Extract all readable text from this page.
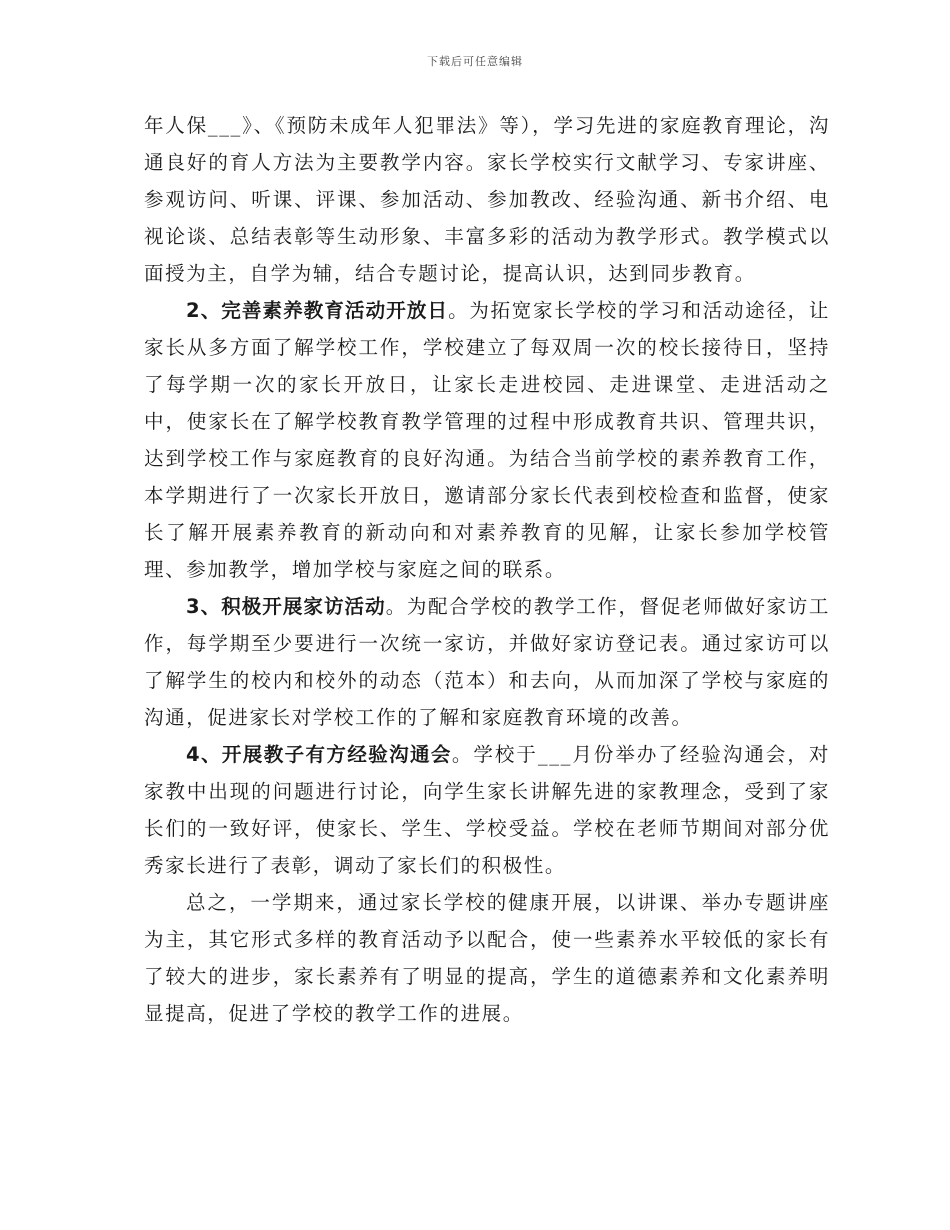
下载后可任意编辑

年人保___》、《预防未成年人犯罪法》等），学习先进的家庭教育理论，沟通良好的育人方法为主要教学内容。家长学校实行文献学习、专家讲座、参观访问、听课、评课、参加活动、参加教改、经验沟通、新书介绍、电视论谈、总结表彰等生动形象、丰富多彩的活动为教学形式。教学模式以面授为主，自学为辅，结合专题讨论，提高认识，达到同步教育。

2、完善素养教育活动开放日。为拓宽家长学校的学习和活动途径，让家长从多方面了解学校工作，学校建立了每双周一次的校长接待日，坚持了每学期一次的家长开放日，让家长走进校园、走进课堂、走进活动之中，使家长在了解学校教育教学管理的过程中形成教育共识、管理共识，达到学校工作与家庭教育的良好沟通。为结合当前学校的素养教育工作，本学期进行了一次家长开放日，邀请部分家长代表到校检查和监督，使家长了解开展素养教育的新动向和对素养教育的见解，让家长参加学校管理、参加教学，增加学校与家庭之间的联系。

3、积极开展家访活动。为配合学校的教学工作，督促老师做好家访工作，每学期至少要进行一次统一家访，并做好家访登记表。通过家访可以了解学生的校内和校外的动态（范本）和去向，从而加深了学校与家庭的沟通，促进家长对学校工作的了解和家庭教育环境的改善。

4、开展教子有方经验沟通会。学校于___月份举办了经验沟通会，对家教中出现的问题进行讨论，向学生家长讲解先进的家教理念，受到了家长们的一致好评，使家长、学生、学校受益。学校在老师节期间对部分优秀家长进行了表彰，调动了家长们的积极性。

总之，一学期来，通过家长学校的健康开展，以讲课、举办专题讲座为主，其它形式多样的教育活动予以配合，使一些素养水平较低的家长有了较大的进步，家长素养有了明显的提高，学生的道德素养和文化素养明显提高，促进了学校的教学工作的进展。
